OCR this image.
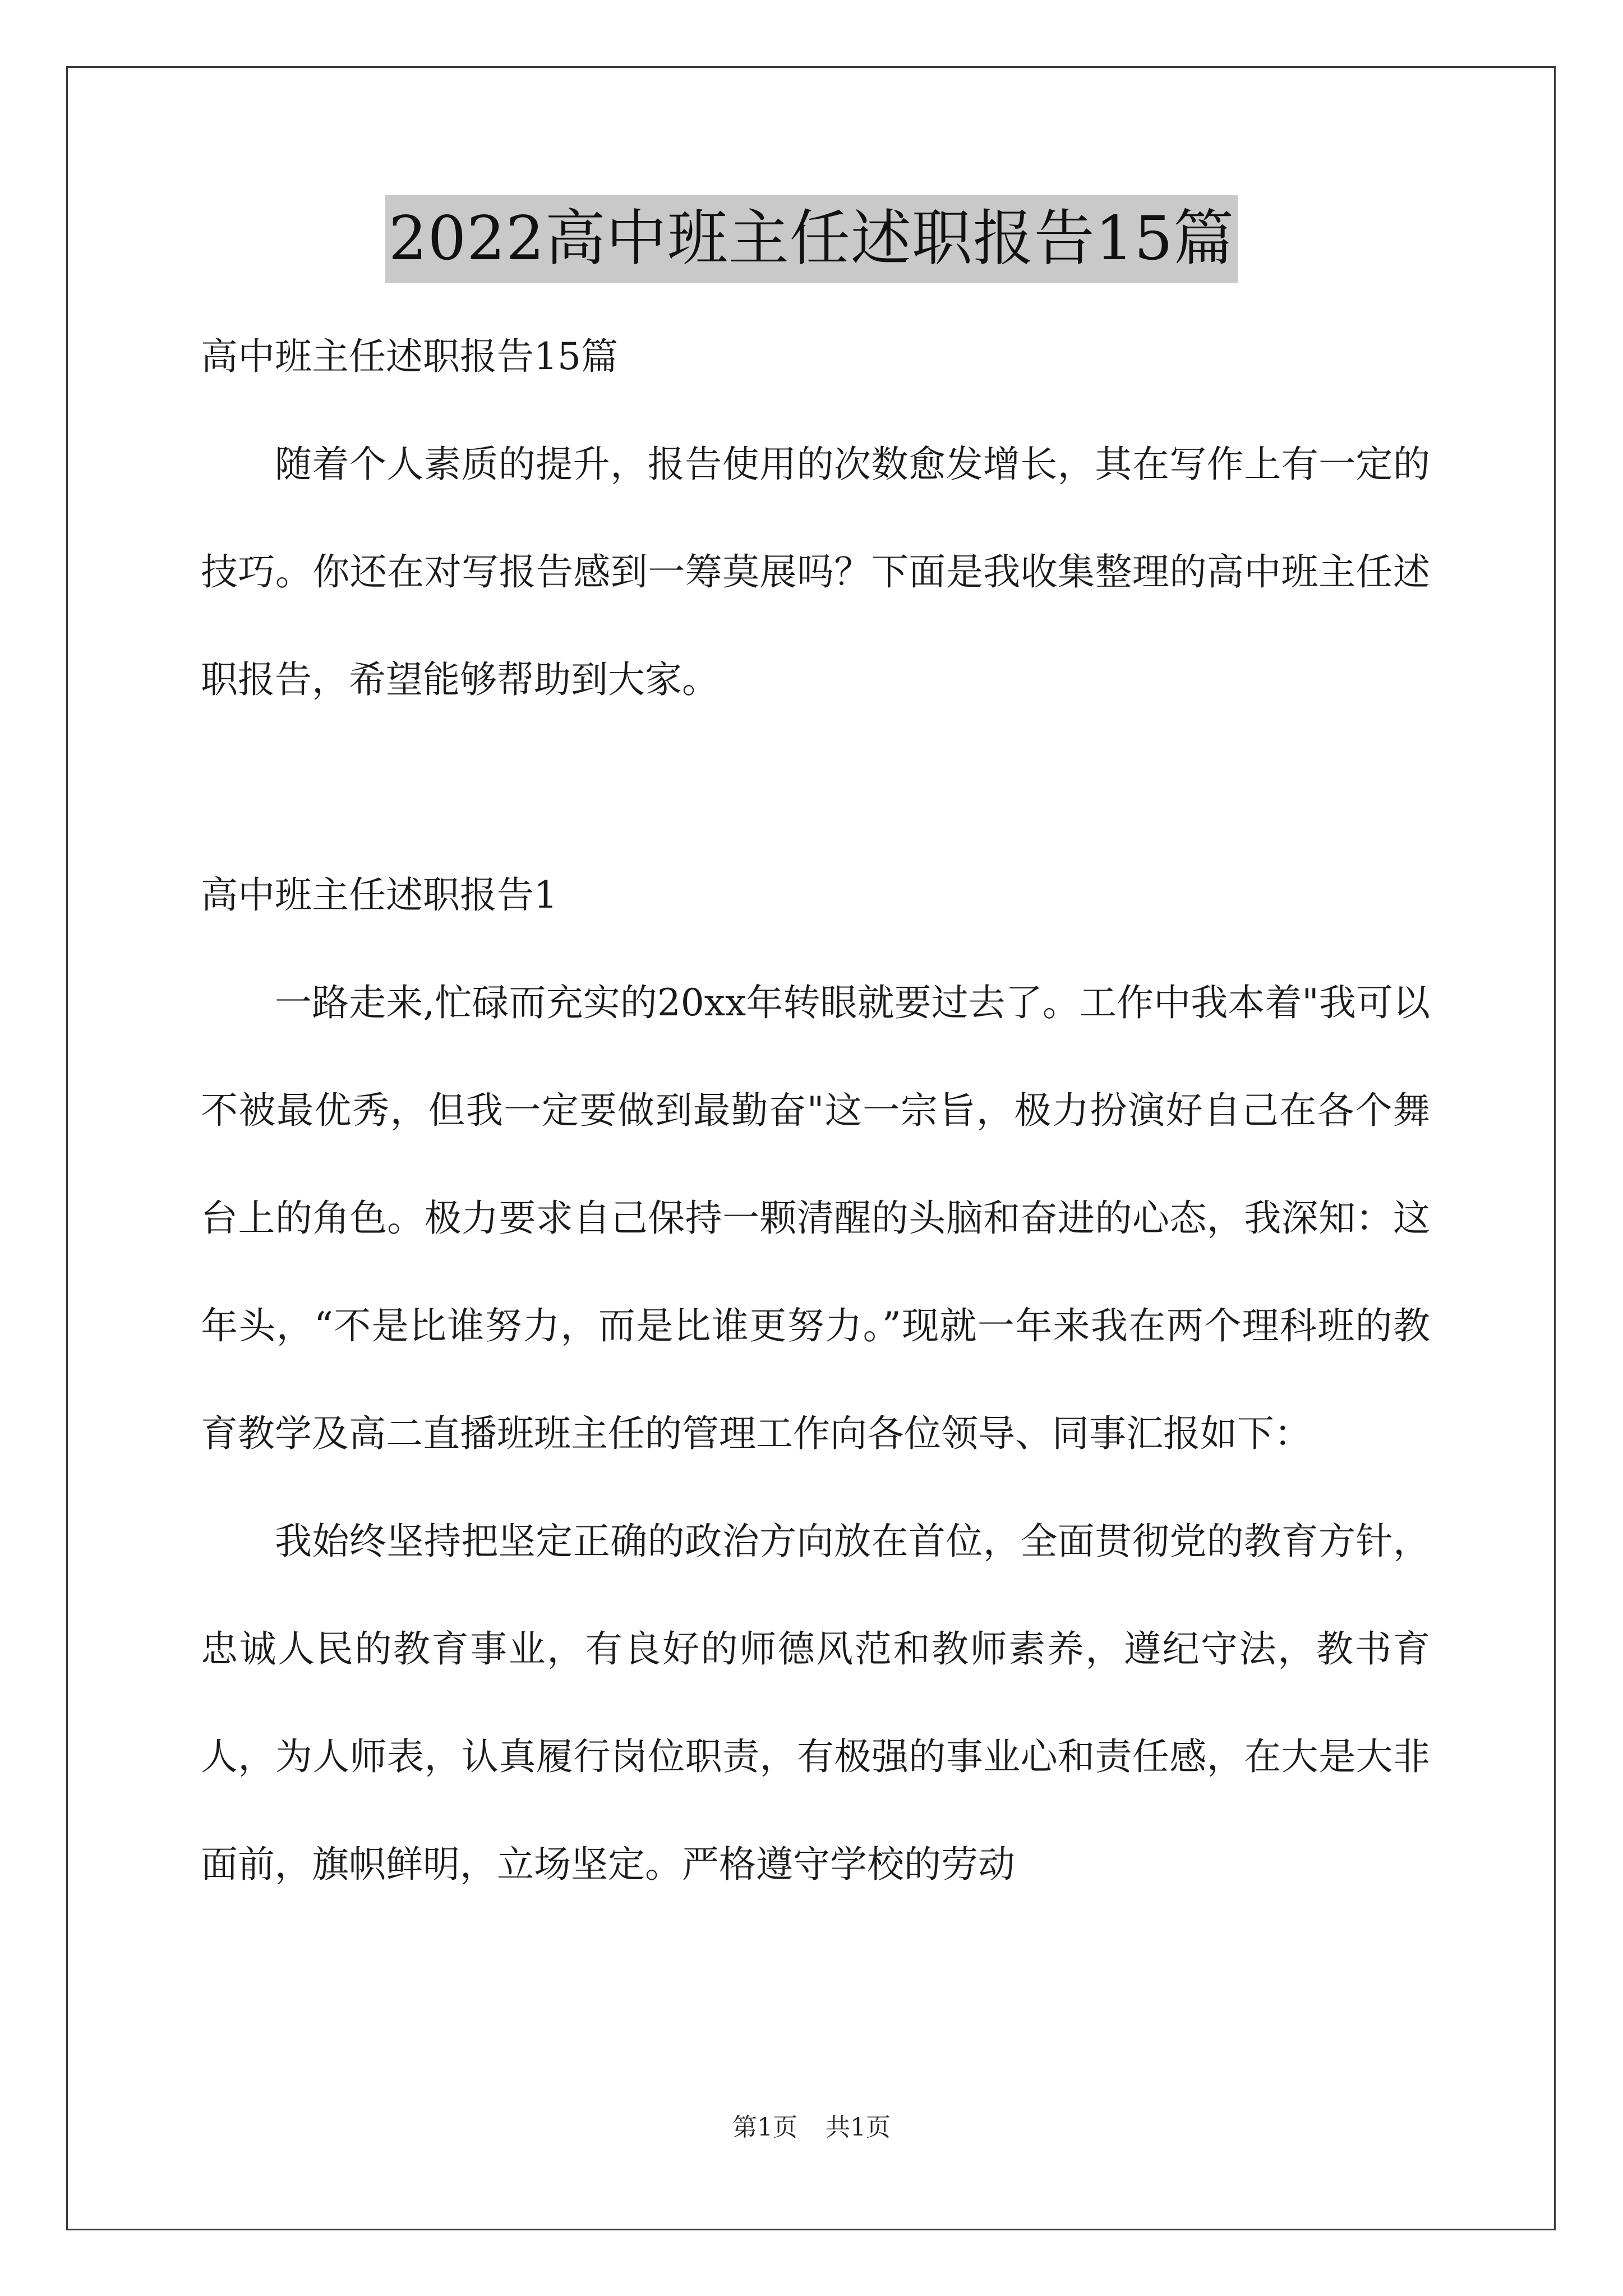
2022高中班主任述职报告15篇

高中班主任述职报告15篇

随着个人素质的提升，报告使用的次数愈发增长，其在写作上有一定的技巧。你还在对写报告感到一筹莫展吗？下面是我收集整理的高中班主任述职报告，希望能够帮助到大家。

高中班主任述职报告1

一路走来,忙碌而充实的20xx年转眼就要过去了。工作中我本着"我可以不被最优秀，但我一定要做到最勤奋"这一宗旨，极力扮演好自己在各个舞台上的角色。极力要求自己保持一颗清醒的头脑和奋进的心态，我深知：这年头，“不是比谁努力，而是比谁更努力。”现就一年来我在两个理科班的教育教学及高二直播班班主任的管理工作向各位领导、同事汇报如下：

我始终坚持把坚定正确的政治方向放在首位，全面贯彻党的教育方针，忠诚人民的教育事业，有良好的师德风范和教师素养，遵纪守法，教书育人，为人师表，认真履行岗位职责，有极强的事业心和责任感，在大是大非面前，旗帜鲜明，立场坚定。严格遵守学校的劳动

第1页 共1页
